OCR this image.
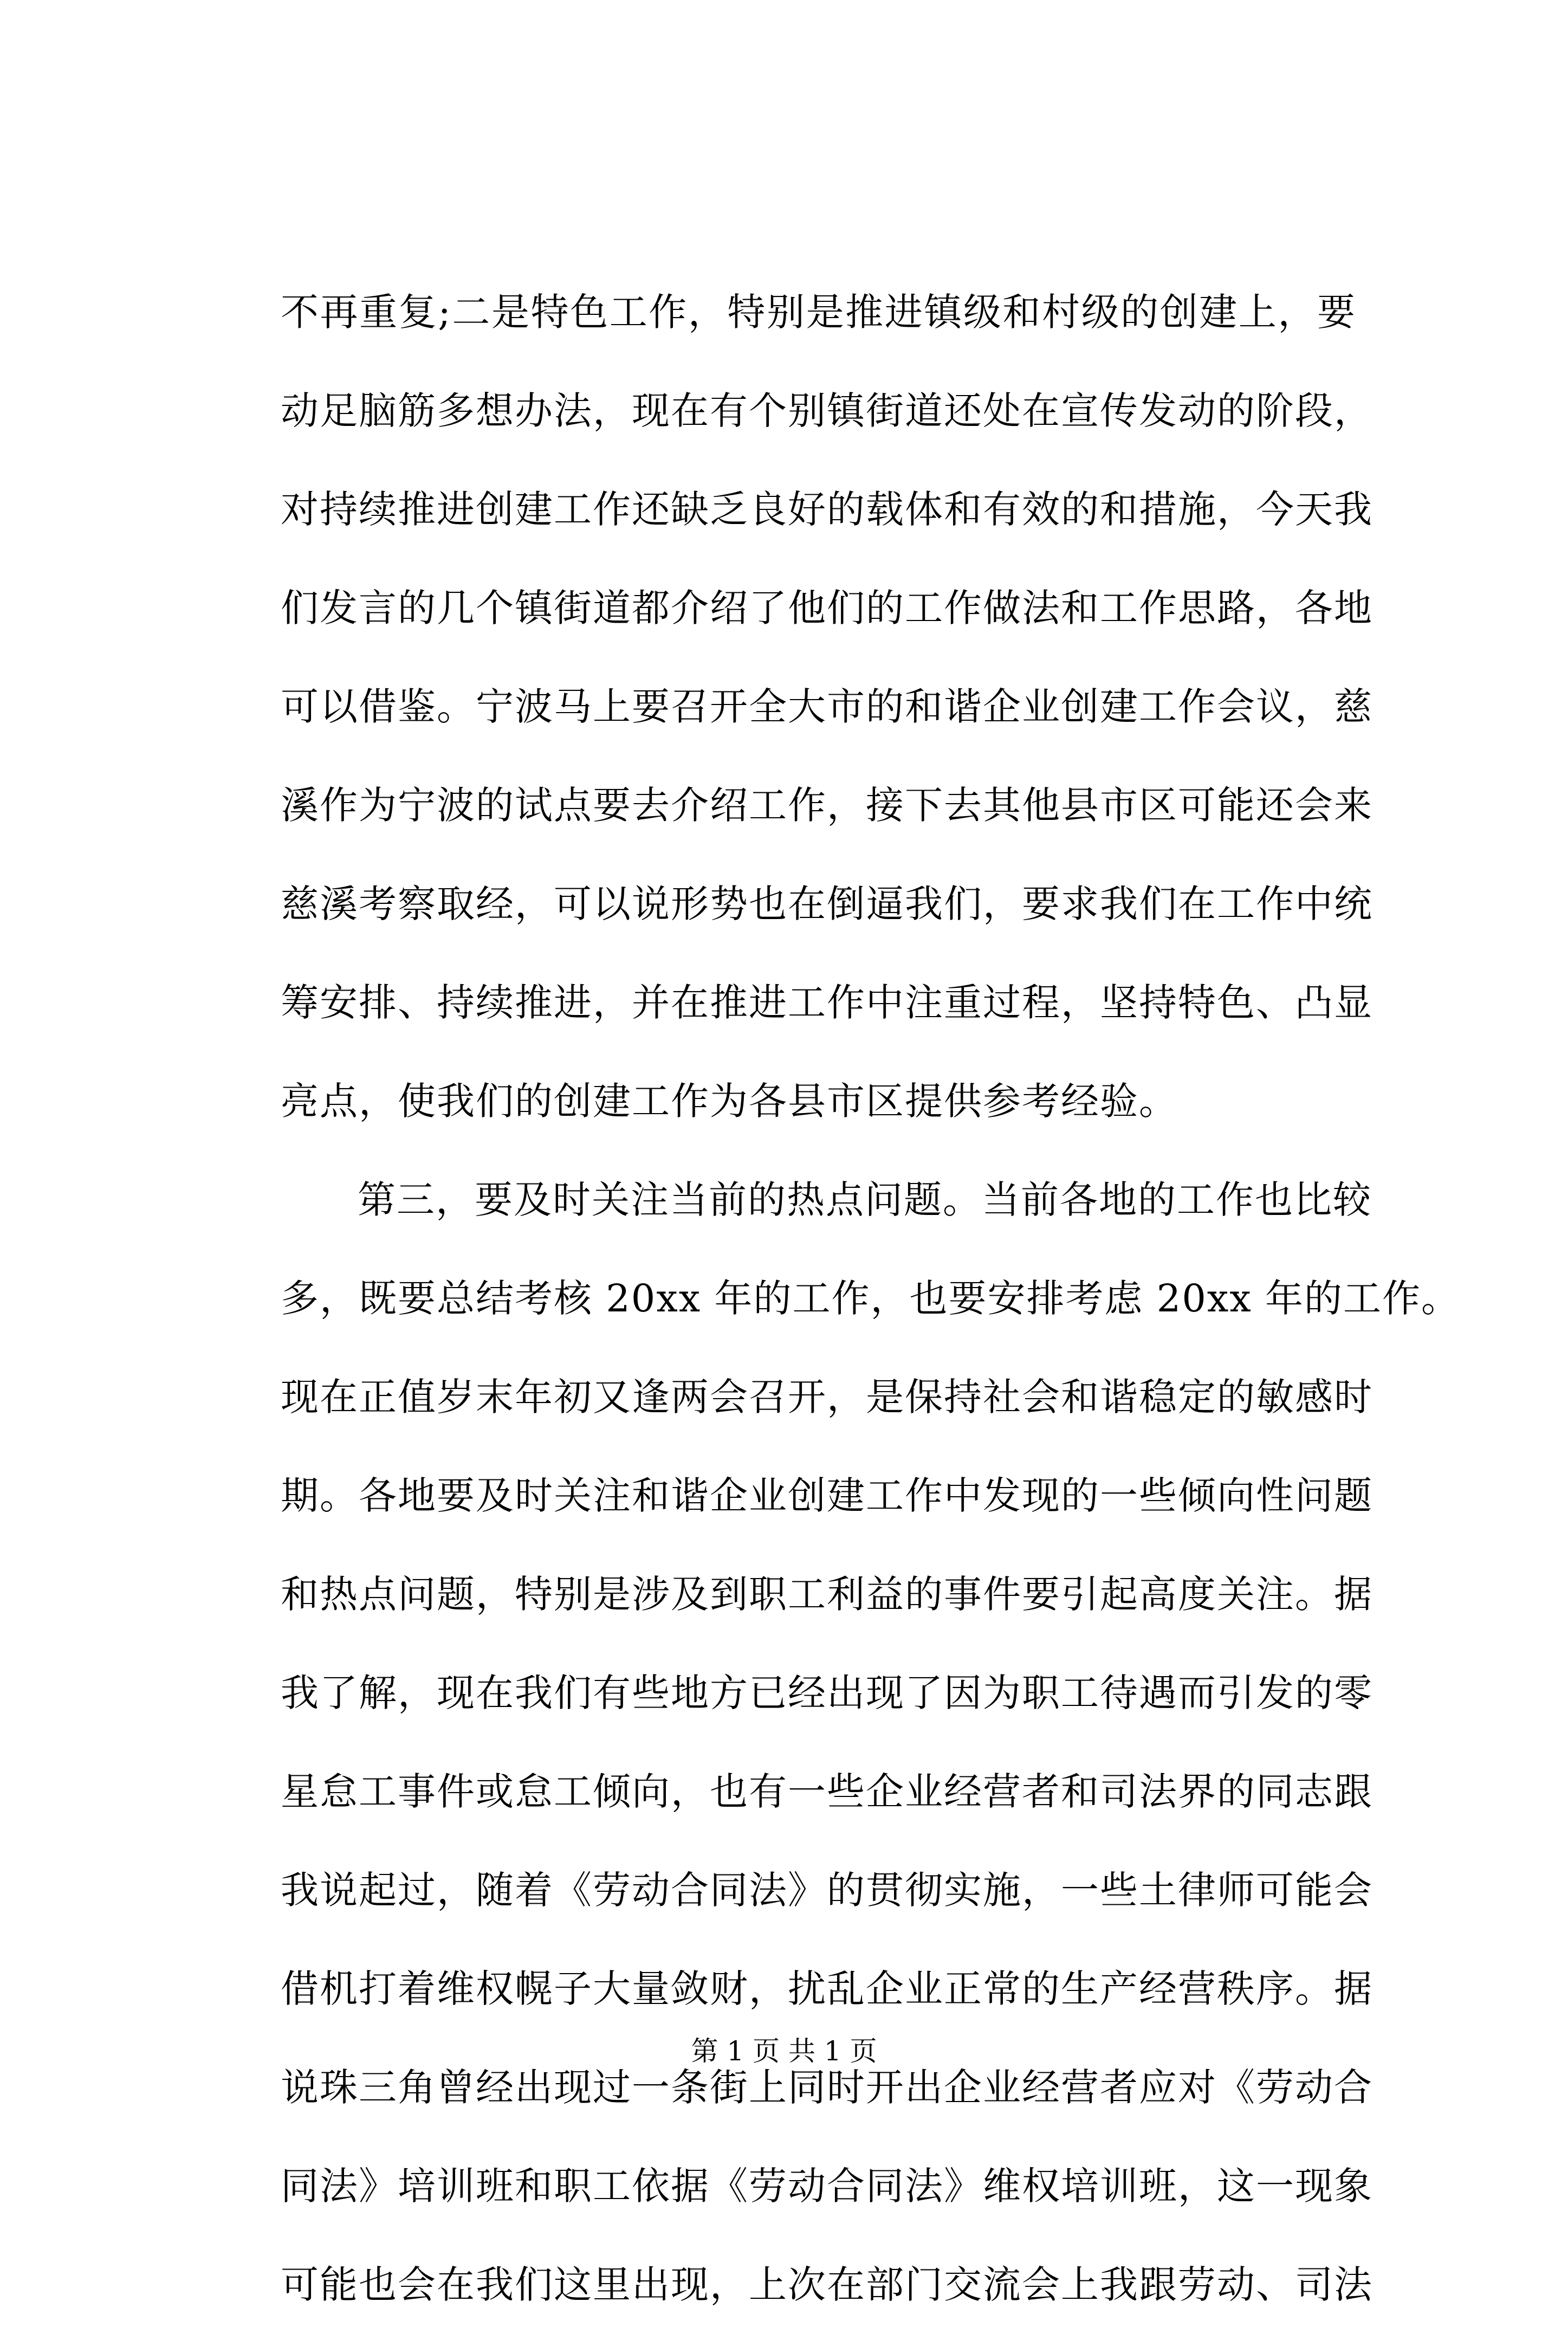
不再重复;二是特色工作，特别是推进镇级和村级的创建上，要
动足脑筋多想办法，现在有个别镇街道还处在宣传发动的阶段，
对持续推进创建工作还缺乏良好的载体和有效的和措施，今天我
们发言的几个镇街道都介绍了他们的工作做法和工作思路，各地
可以借鉴。宁波马上要召开全大市的和谐企业创建工作会议，慈
溪作为宁波的试点要去介绍工作，接下去其他县市区可能还会来
慈溪考察取经，可以说形势也在倒逼我们，要求我们在工作中统
筹安排、持续推进，并在推进工作中注重过程，坚持特色、凸显
亮点，使我们的创建工作为各县市区提供参考经验。
第三，要及时关注当前的热点问题。当前各地的工作也比较
多，既要总结考核 20xx 年的工作，也要安排考虑 20xx 年的工作。
现在正值岁末年初又逢两会召开，是保持社会和谐稳定的敏感时
期。各地要及时关注和谐企业创建工作中发现的一些倾向性问题
和热点问题，特别是涉及到职工利益的事件要引起高度关注。据
我了解，现在我们有些地方已经出现了因为职工待遇而引发的零
星怠工事件或怠工倾向，也有一些企业经营者和司法界的同志跟
我说起过，随着《劳动合同法》的贯彻实施，一些土律师可能会
借机打着维权幌子大量敛财，扰乱企业正常的生产经营秩序。据
说珠三角曾经出现过一条街上同时开出企业经营者应对《劳动合
同法》培训班和职工依据《劳动合同法》维权培训班，这一现象
可能也会在我们这里出现，上次在部门交流会上我跟劳动、司法
第 1 页 共 1 页
